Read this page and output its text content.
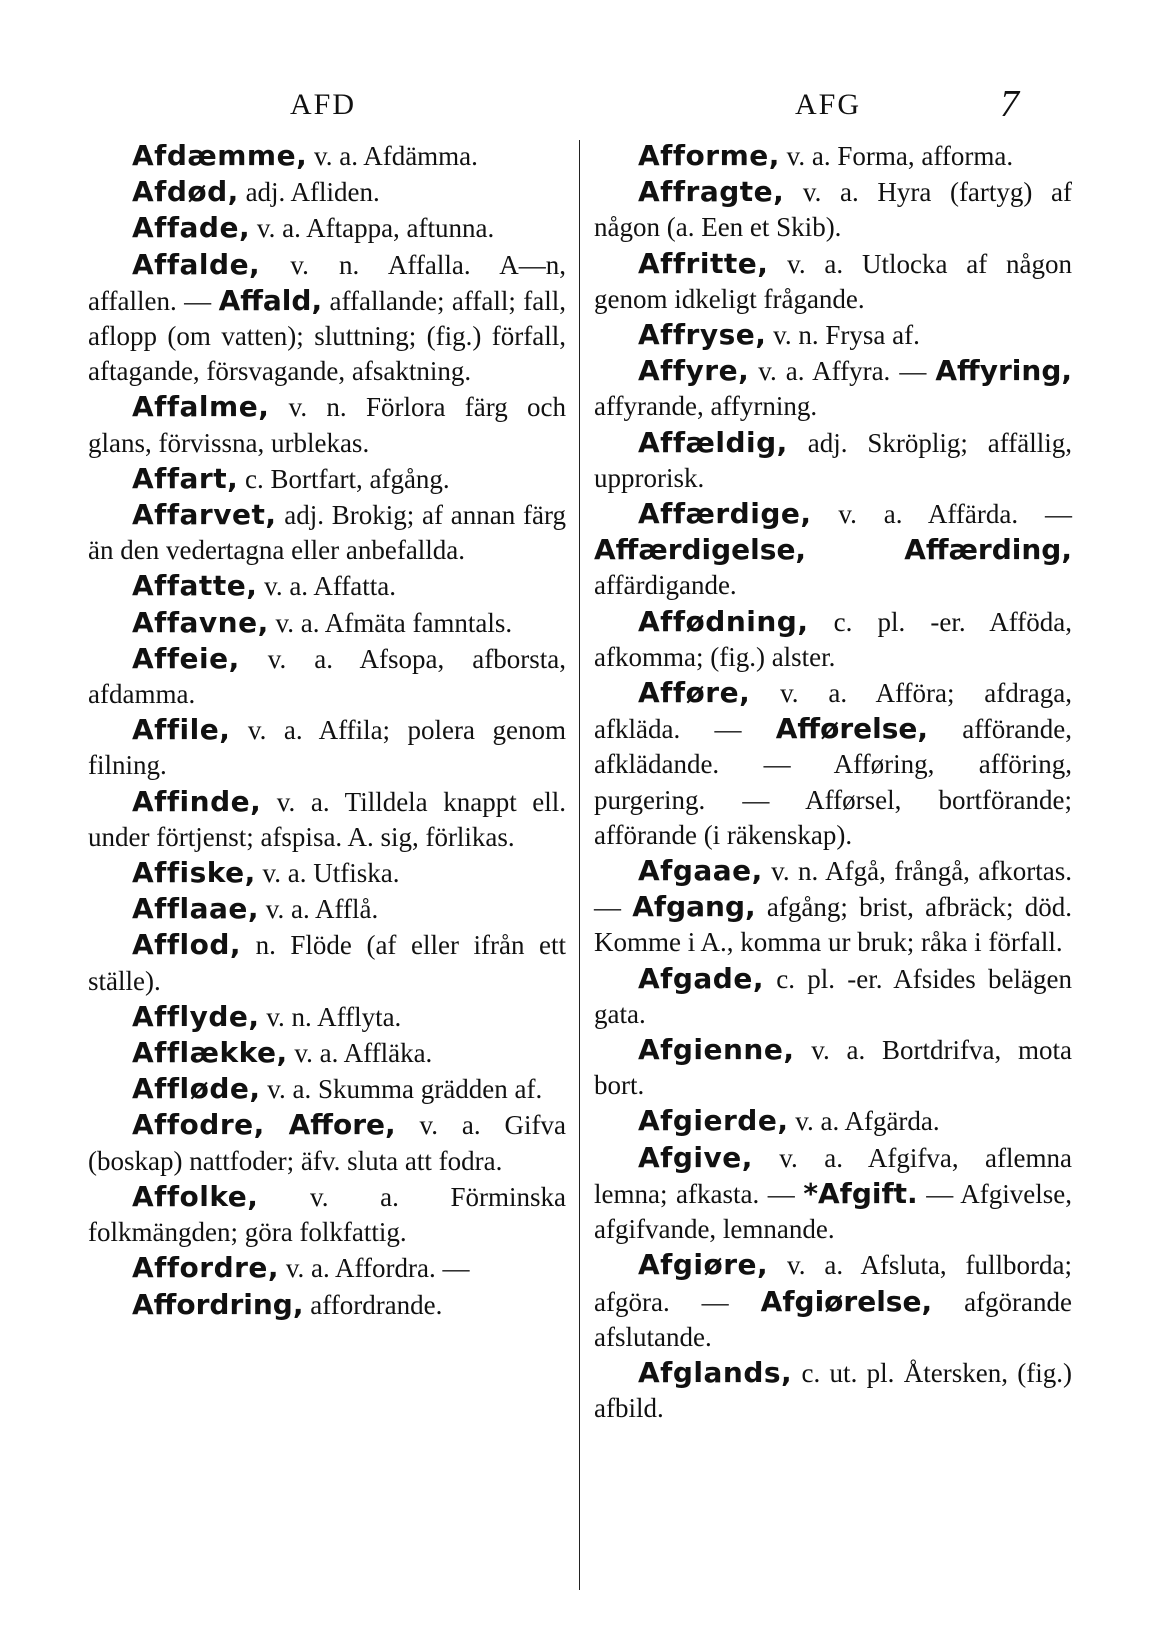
AFD	AFG	7

Afdæmme, v. a. Afdämma.

Afdød, adj. Afliden.

Affade, v. a. Aftappa, aftunna.

Affalde, v. n. Affalla. A—n, affallen. — Affald, affallande; affall; fall, aflopp (om vatten); sluttning; (fig.) förfall, aftagande, försvagande, afsaktning.

Affalme, v. n. Förlora färg och glans, förvissna, urblekas.

Affart, c. Bortfart, afgång.

Affarvet, adj. Brokig; af annan färg än den vedertagna eller anbefallda.

Affatte, v. a. Affatta.

Affavne, v. a. Afmäta famntals.

Affeie, v. a. Afsopa, afborsta, afdamma.

Affile, v. a. Affila; polera genom filning.

Affinde, v. a. Tilldela knappt ell. under förtjenst; afspisa. A. sig, förlikas.

Affiske, v. a. Utfiska.

Afflaae, v. a. Afflå.

Afflod, n. Flöde (af eller ifrån ett ställe).

Afflyde, v. n. Afflyta.

Afflække, v. a. Affläka.

Affløde, v. a. Skumma grädden af.

Affodre, Affore, v. a. Gifva (boskap) nattfoder; äfv. sluta att fodra.

Affolke, v. a. Förminska folkmängden; göra folkfattig.

Affordre, v. a. Affordra. —

Affordring, affordrande.

Afforme, v. a. Forma, afforma.

Affragte, v. a. Hyra (fartyg) af någon (a. Een et Skib).

Affritte, v. a. Utlocka af någon genom idkeligt frågande.

Affryse, v. n. Frysa af.

Affyre, v. a. Affyra. — Affyring, affyrande, affyrning.

Affældig, adj. Skröplig; affällig, upprorisk.

Affærdige, v. a. Affärda. — Affærdigelse, Affærding, affärdigande.

Affødning, c. pl. -er. Afföda, afkomma; (fig.) alster.

Afføre, v. a. Afföra; afdraga, afkläda. — Afførelse, afförande, afklädande. — Afføring, afföring, purgering. — Afførsel, bortförande; afförande (i räkenskap).

Afgaae, v. n. Afgå, frångå, afkortas. — Afgang, afgång; brist, afbräck; död. Komme i A., komma ur bruk; råka i förfall.

Afgade, c. pl. -er. Afsides belägen gata.

Afgienne, v. a. Bortdrifva, mota bort.

Afgierde, v. a. Afgärda.

Afgive, v. a. Afgifva, aflemna lemna; afkasta. — *Afgift. — Afgivelse, afgifvande, lemnande.

Afgiøre, v. a. Afsluta, fullborda; afgöra. — Afgiørelse, afgörande afslutande.

Afglands, c. ut. pl. Återsken, (fig.) afbild.
